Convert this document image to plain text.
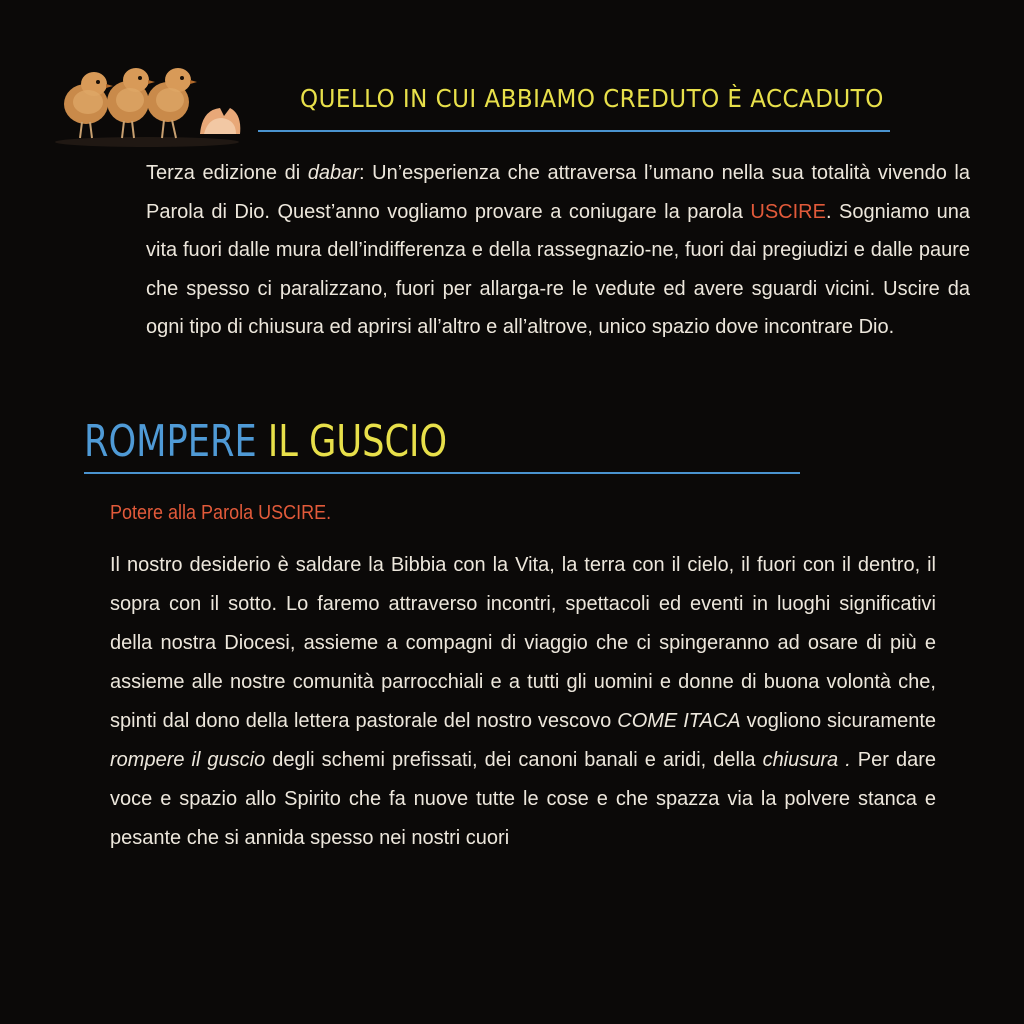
QUELLO IN CUI ABBIAMO CREDUTO È ACCADUTO

Terza edizione di dabar: Un’esperienza che attraversa l’umano nella sua totalità vivendo la Parola di Dio. Quest’anno vogliamo provare a coniugare la parola USCIRE. Sogniamo una vita fuori dalle mura dell’indifferenza e della rassegnazio-ne, fuori dai pregiudizi e dalle paure che spesso ci paralizzano, fuori per allarga-re le vedute ed avere sguardi vicini. Uscire da ogni tipo di chiusura ed aprirsi all’altro e all’altrove, unico spazio dove incontrare Dio.

ROMPERE IL GUSCIO
Potere alla Parola USCIRE.

Il nostro desiderio è saldare la Bibbia con la Vita, la terra con il cielo, il fuori con il dentro, il sopra con il sotto. Lo faremo attraverso incontri, spettacoli ed eventi in luoghi significativi della nostra Diocesi, assieme a compagni di viaggio che ci spingeranno ad osare di più e assieme alle nostre comunità parrocchiali e a tutti gli uomini e donne di buona volontà che, spinti dal dono della lettera pastorale del nostro vescovo COME ITACA vogliono sicuramente rompere il guscio degli schemi prefissati, dei canoni banali e aridi, della chiusura . Per dare voce e spazio allo Spirito che fa nuove tutte le cose e che spazza via la polvere stanca e pesante che si annida spesso nei nostri cuori
